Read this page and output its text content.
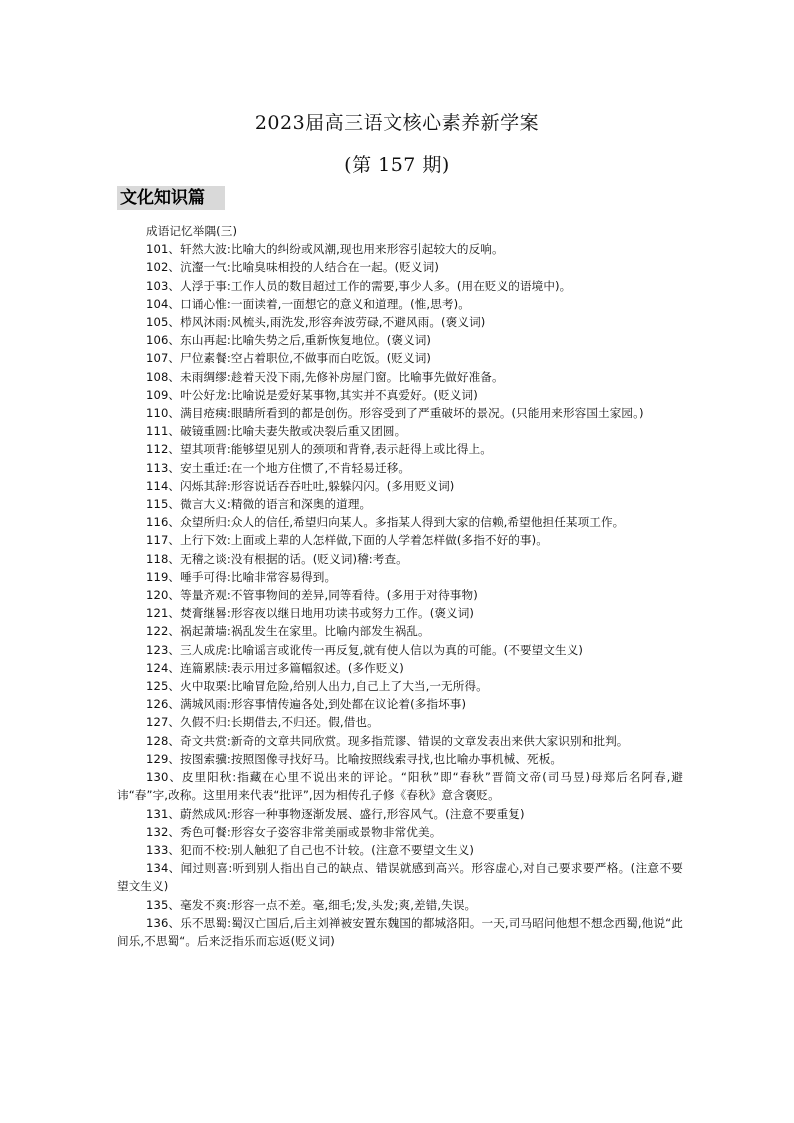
2023届高三语文核心素养新学案
(第 157 期)
文化知识篇
成语记忆举隅(三)
101、轩然大波:比喻大的纠纷或风潮,现也用来形容引起较大的反响。
102、沆瀣一气:比喻臭味相投的人结合在一起。(贬义词)
103、人浮于事:工作人员的数目超过工作的需要,事少人多。(用在贬义的语境中)。
104、口诵心惟:一面读着,一面想它的意义和道理。(惟,思考)。
105、栉风沐雨:风梳头,雨洗发,形容奔波劳碌,不避风雨。(褒义词)
106、东山再起:比喻失势之后,重新恢复地位。(褒义词)
107、尸位素餐:空占着职位,不做事而白吃饭。(贬义词)
108、未雨绸缪:趁着天没下雨,先修补房屋门窗。比喻事先做好准备。
109、叶公好龙:比喻说是爱好某事物,其实并不真爱好。(贬义词)
110、满目疮痍:眼睛所看到的都是创伤。形容受到了严重破坏的景况。(只能用来形容国土家园。)
111、破镜重圆:比喻夫妻失散或决裂后重又团圆。
112、望其项背:能够望见别人的颈项和背脊,表示赶得上或比得上。
113、安土重迁:在一个地方住惯了,不肯轻易迁移。
114、闪烁其辞:形容说话吞吞吐吐,躲躲闪闪。(多用贬义词)
115、微言大义:精微的语言和深奥的道理。
116、众望所归:众人的信任,希望归向某人。多指某人得到大家的信赖,希望他担任某项工作。
117、上行下效:上面或上辈的人怎样做,下面的人学着怎样做(多指不好的事)。
118、无稽之谈:没有根据的话。(贬义词)稽:考查。
119、唾手可得:比喻非常容易得到。
120、等量齐观:不管事物间的差异,同等看待。(多用于对待事物)
121、焚膏继晷:形容夜以继日地用功读书或努力工作。(褒义词)
122、祸起萧墙:祸乱发生在家里。比喻内部发生祸乱。
123、三人成虎:比喻谣言或讹传一再反复,就有使人信以为真的可能。(不要望文生义)
124、连篇累牍:表示用过多篇幅叙述。(多作贬义)
125、火中取栗:比喻冒危险,给别人出力,自己上了大当,一无所得。
126、满城风雨:形容事情传遍各处,到处都在议论着(多指坏事)
127、久假不归:长期借去,不归还。假,借也。
128、奇文共赏:新奇的文章共同欣赏。现多指荒谬、错误的文章发表出来供大家识别和批判。
129、按图索骥:按照图像寻找好马。比喻按照线索寻找,也比喻办事机械、死板。
130、皮里阳秋:指藏在心里不说出来的评论。“阳秋”即“春秋”晋简文帝(司马昱)母郑后名阿春,避讳“春”字,改称。这里用来代表“批评”,因为相传孔子修《春秋》意含褒贬。
131、蔚然成风:形容一种事物逐渐发展、盛行,形容风气。(注意不要重复)
132、秀色可餐:形容女子姿容非常美丽或景物非常优美。
133、犯而不校:别人触犯了自己也不计较。(注意不要望文生义)
134、闻过则喜:听到别人指出自己的缺点、错误就感到高兴。形容虚心,对自己要求要严格。(注意不要望文生义)
135、毫发不爽:形容一点不差。毫,细毛;发,头发;爽,差错,失误。
136、乐不思蜀:蜀汉亡国后,后主刘禅被安置东魏国的都城洛阳。一天,司马昭问他想不想念西蜀,他说“此间乐,不思蜀“。后来泛指乐而忘返(贬义词)
